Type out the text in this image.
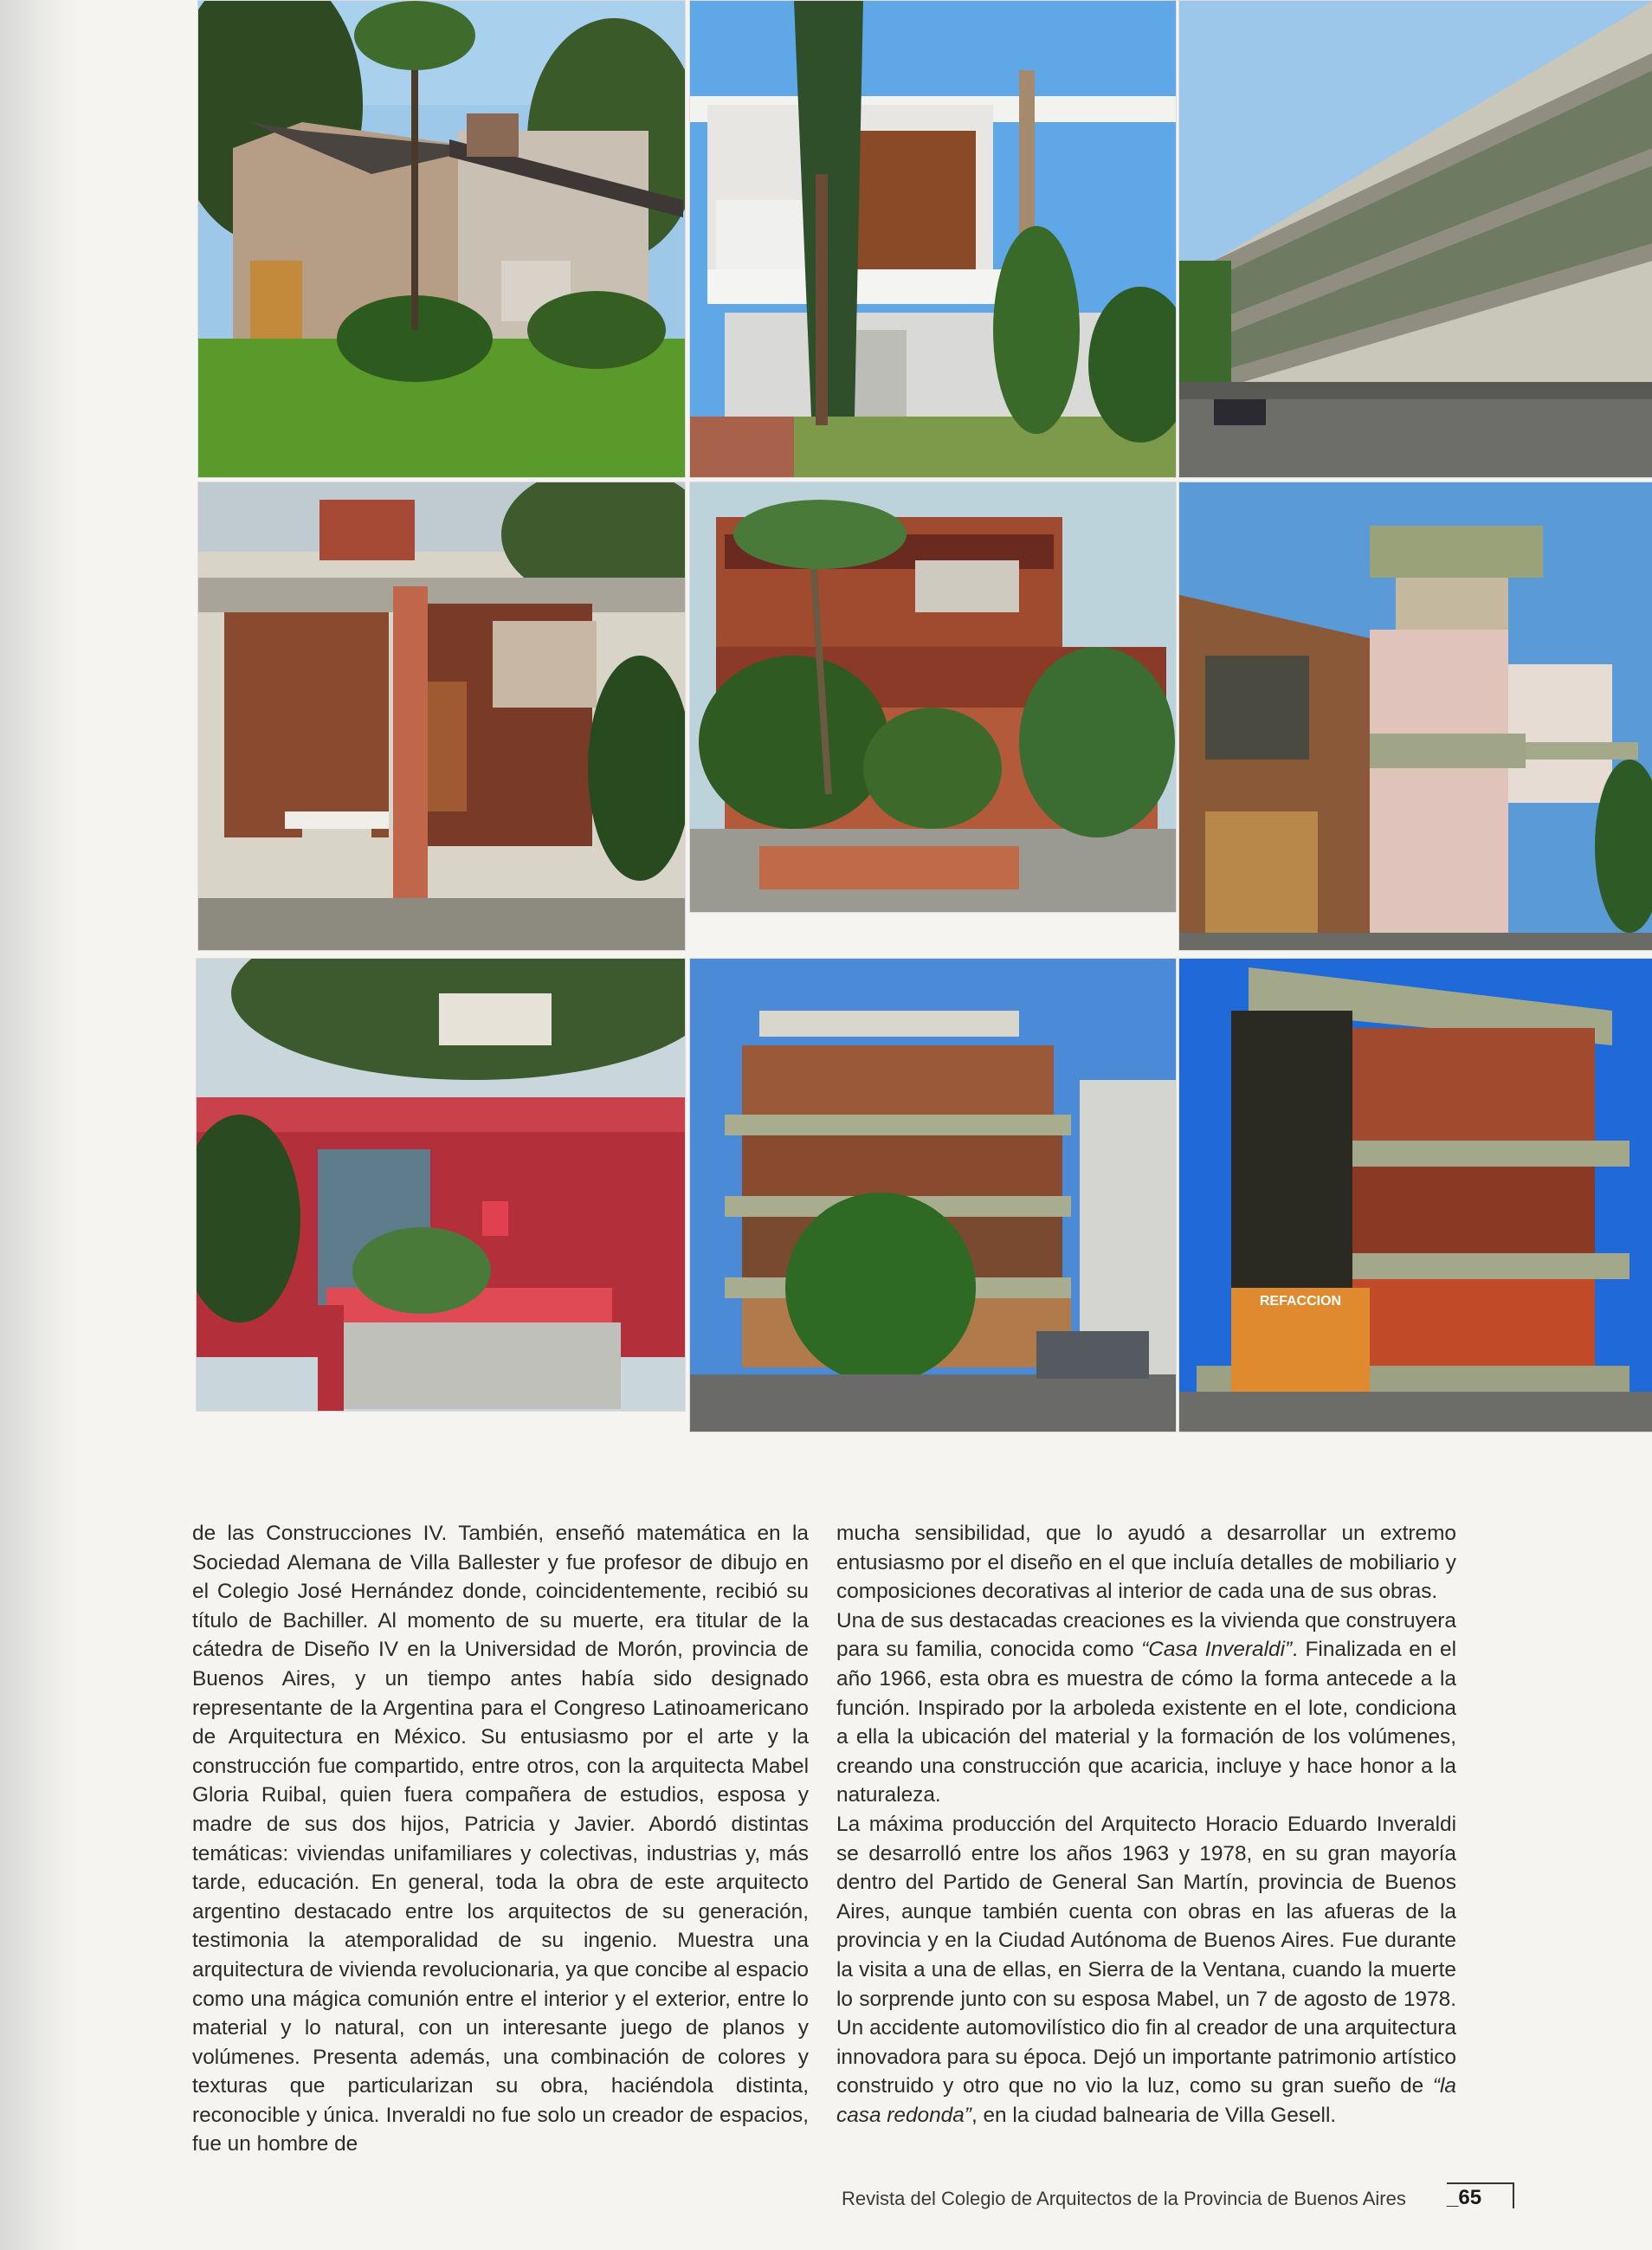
REFACCION

de las Construcciones IV. También, enseñó matemática en la Sociedad Alemana de Villa Ballester y fue profesor de dibujo en el Colegio José Hernández donde, coincidentemente, recibió su título de Bachiller. Al momento de su muerte, era titular de la cátedra de Diseño IV en la Universidad de Morón, provincia de Buenos Aires, y un tiempo antes había sido designado representante de la Argentina para el Congreso Latinoamericano de Arquitectura en México. Su entusiasmo por el arte y la construcción fue compartido, entre otros, con la arquitecta Mabel Gloria Ruibal, quien fuera compañera de estudios, esposa y madre de sus dos hijos, Patricia y Javier. Abordó distintas temáticas: viviendas unifamiliares y colectivas, industrias y, más tarde, educación. En general, toda la obra de este arquitecto argentino destacado entre los arquitectos de su generación, testimonia la atemporalidad de su ingenio. Muestra una arquitectura de vivienda revolucionaria, ya que concibe al espacio como una mágica comunión entre el interior y el exterior, entre lo material y lo natural, con un interesante juego de planos y volúmenes. Presenta además, una combinación de colores y texturas que particularizan su obra, haciéndola distinta, reconocible y única. Inveraldi no fue solo un creador de espacios, fue un hombre de

mucha sensibilidad, que lo ayudó a desarrollar un extremo entusiasmo por el diseño en el que incluía detalles de mobiliario y composiciones decorativas al interior de cada una de sus obras.

Una de sus destacadas creaciones es la vivienda que construyera para su familia, conocida como “Casa Inveraldi”. Finalizada en el año 1966, esta obra es muestra de cómo la forma antecede a la función. Inspirado por la arboleda existente en el lote, condiciona a ella la ubicación del material y la formación de los volúmenes, creando una construcción que acaricia, incluye y hace honor a la naturaleza.

La máxima producción del Arquitecto Horacio Eduardo Inveraldi se desarrolló entre los años 1963 y 1978, en su gran mayoría dentro del Partido de General San Martín, provincia de Buenos Aires, aunque también cuenta con obras en las afueras de la provincia y en la Ciudad Autónoma de Buenos Aires. Fue durante la visita a una de ellas, en Sierra de la Ventana, cuando la muerte lo sorprende junto con su esposa Mabel, un 7 de agosto de 1978. Un accidente automovilístico dio fin al creador de una arquitectura innovadora para su época. Dejó un importante patrimonio artístico construido y otro que no vio la luz, como su gran sueño de “la casa redonda”, en la ciudad balnearia de Villa Gesell.

Revista del Colegio de Arquitectos de la Provincia de Buenos Aires _65
